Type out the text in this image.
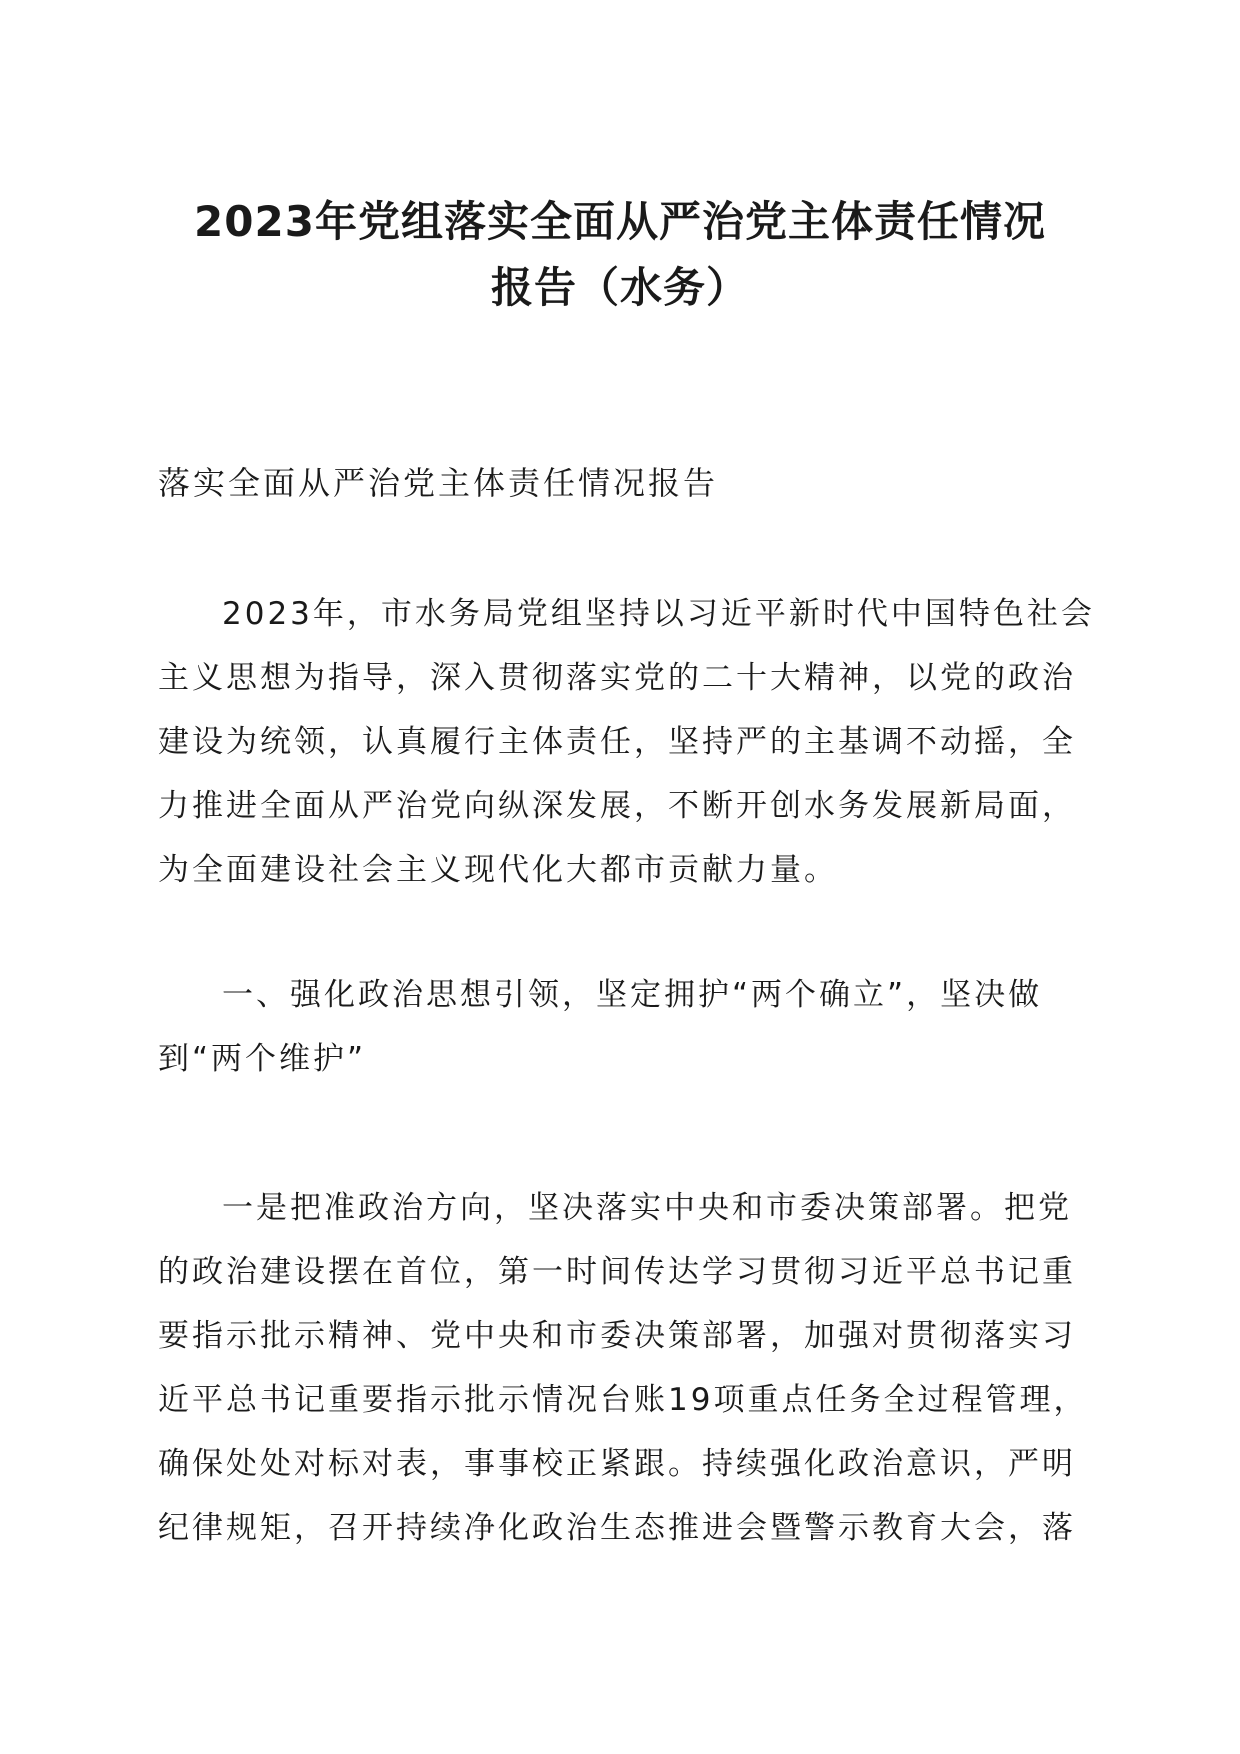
2023年党组落实全面从严治党主体责任情况
报告（水务）

落实全面从严治党主体责任情况报告

2023年，市水务局党组坚持以习近平新时代中国特色社会
主义思想为指导，深入贯彻落实党的二十大精神，以党的政治
建设为统领，认真履行主体责任，坚持严的主基调不动摇，全
力推进全面从严治党向纵深发展，不断开创水务发展新局面，
为全面建设社会主义现代化大都市贡献力量。
一、强化政治思想引领，坚定拥护“两个确立”，坚决做
到“两个维护”
一是把准政治方向，坚决落实中央和市委决策部署。把党
的政治建设摆在首位，第一时间传达学习贯彻习近平总书记重
要指示批示精神、党中央和市委决策部署，加强对贯彻落实习
近平总书记重要指示批示情况台账19项重点任务全过程管理，
确保处处对标对表，事事校正紧跟。持续强化政治意识，严明
纪律规矩，召开持续净化政治生态推进会暨警示教育大会，落
